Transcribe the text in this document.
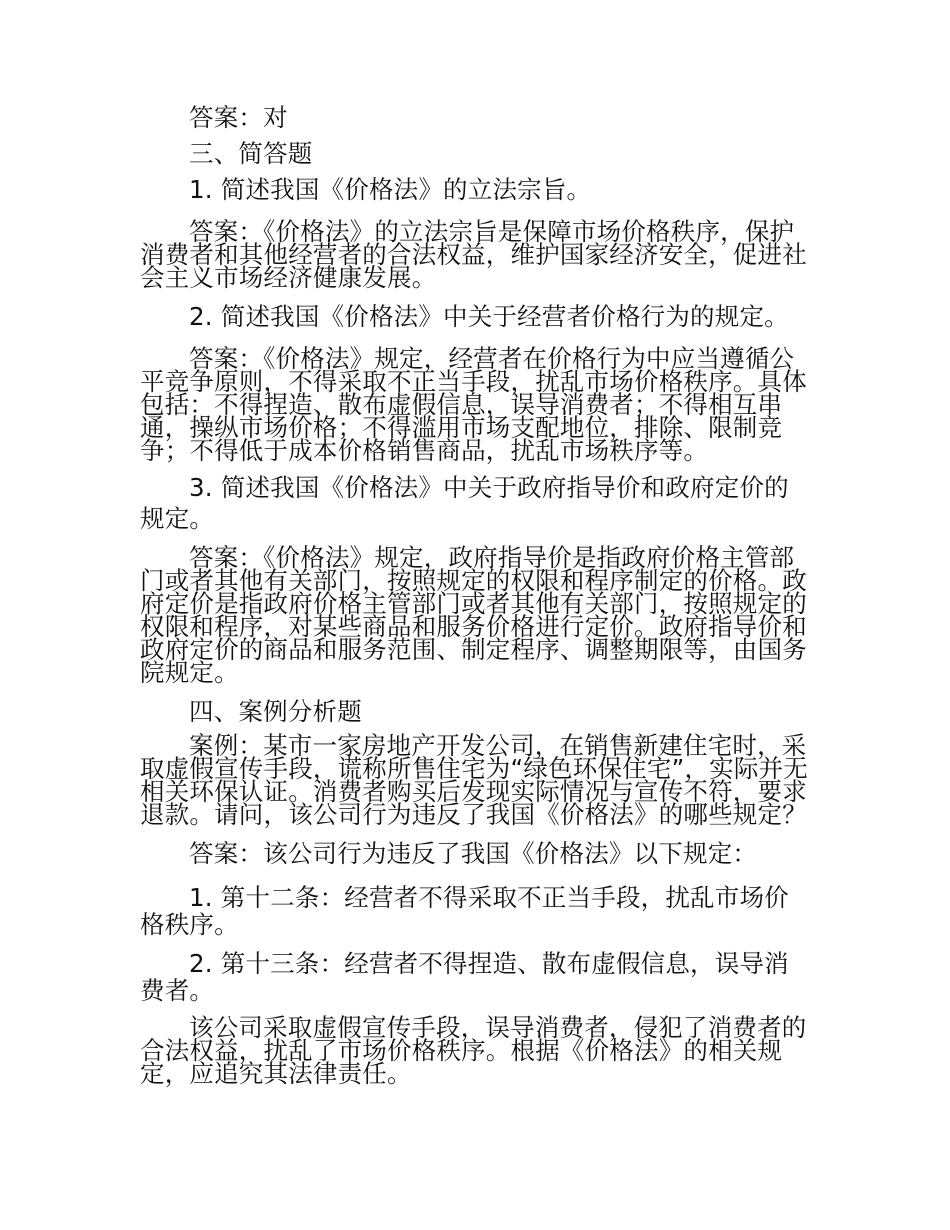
答案：对

三、简答题

1. 简述我国《价格法》的立法宗旨。

答案：《价格法》的立法宗旨是保障市场价格秩序，保护消费者和其他经营者的合法权益，维护国家经济安全，促进社会主义市场经济健康发展。

2. 简述我国《价格法》中关于经营者价格行为的规定。

答案：《价格法》规定，经营者在价格行为中应当遵循公平竞争原则，不得采取不正当手段，扰乱市场价格秩序。具体包括：不得捏造、散布虚假信息，误导消费者；不得相互串通，操纵市场价格；不得滥用市场支配地位，排除、限制竞争；不得低于成本价格销售商品，扰乱市场秩序等。

3. 简述我国《价格法》中关于政府指导价和政府定价的规定。

答案：《价格法》规定，政府指导价是指政府价格主管部门或者其他有关部门，按照规定的权限和程序制定的价格。政府定价是指政府价格主管部门或者其他有关部门，按照规定的权限和程序，对某些商品和服务价格进行定价。政府指导价和政府定价的商品和服务范围、制定程序、调整期限等，由国务院规定。

四、案例分析题

案例：某市一家房地产开发公司，在销售新建住宅时，采取虚假宣传手段，谎称所售住宅为“绿色环保住宅”，实际并无相关环保认证。消费者购买后发现实际情况与宣传不符，要求退款。请问，该公司行为违反了我国《价格法》的哪些规定？

答案：该公司行为违反了我国《价格法》以下规定：

1. 第十二条：经营者不得采取不正当手段，扰乱市场价格秩序。

2. 第十三条：经营者不得捏造、散布虚假信息，误导消费者。

该公司采取虚假宣传手段，误导消费者，侵犯了消费者的合法权益，扰乱了市场价格秩序。根据《价格法》的相关规定，应追究其法律责任。
